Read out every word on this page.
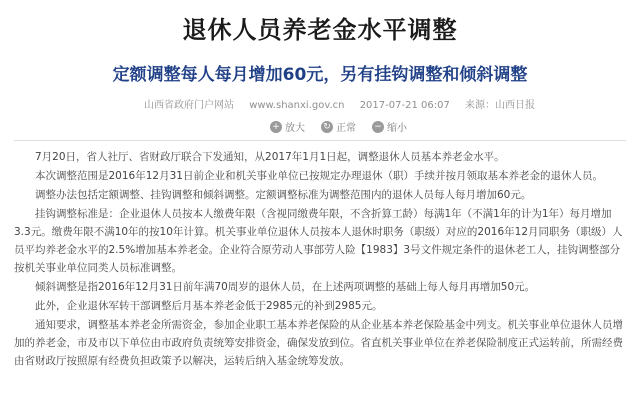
退休人员养老金水平调整
定额调整每人每月增加60元，另有挂钩调整和倾斜调整
山西省政府门户网站 www.shanxi.gov.cn 2017-07-21 06:07 来源：山西日报
+ 放大 ↻ 正常 − 缩小

7月20日，省人社厅、省财政厅联合下发通知，从2017年1月1日起，调整退休人员基本养老金水平。

本次调整范围是2016年12月31日前企业和机关事业单位已按规定办理退休（职）手续并按月领取基本养老金的退休人员。

调整办法包括定额调整、挂钩调整和倾斜调整。定额调整标准为调整范围内的退休人员每人每月增加60元。

挂钩调整标准是：企业退休人员按本人缴费年限（含视同缴费年限，不含折算工龄）每满1年（不满1年的计为1年）每月增加3.3元。缴费年限不满10年的按10年计算。机关事业单位退休人员按本人退休时职务（职级）对应的2016年12月同职务（职级）人员平均养老金水平的2.5%增加基本养老金。企业符合原劳动人事部劳人险【1983】3号文件规定条件的退休老工人，挂钩调整部分按机关事业单位同类人员标准调整。

倾斜调整是指2016年12月31日前年满70周岁的退休人员，在上述两项调整的基础上每人每月再增加50元。

此外，企业退休军转干部调整后月基本养老金低于2985元的补到2985元。

通知要求，调整基本养老金所需资金，参加企业职工基本养老保险的从企业基本养老保险基金中列支。机关事业单位退休人员增加的养老金，市及市以下单位由市政府负责统筹安排资金，确保发放到位。省直机关事业单位在养老保险制度正式运转前，所需经费由省财政厅按照原有经费负担政策予以解决，运转后纳入基金统筹发放。
